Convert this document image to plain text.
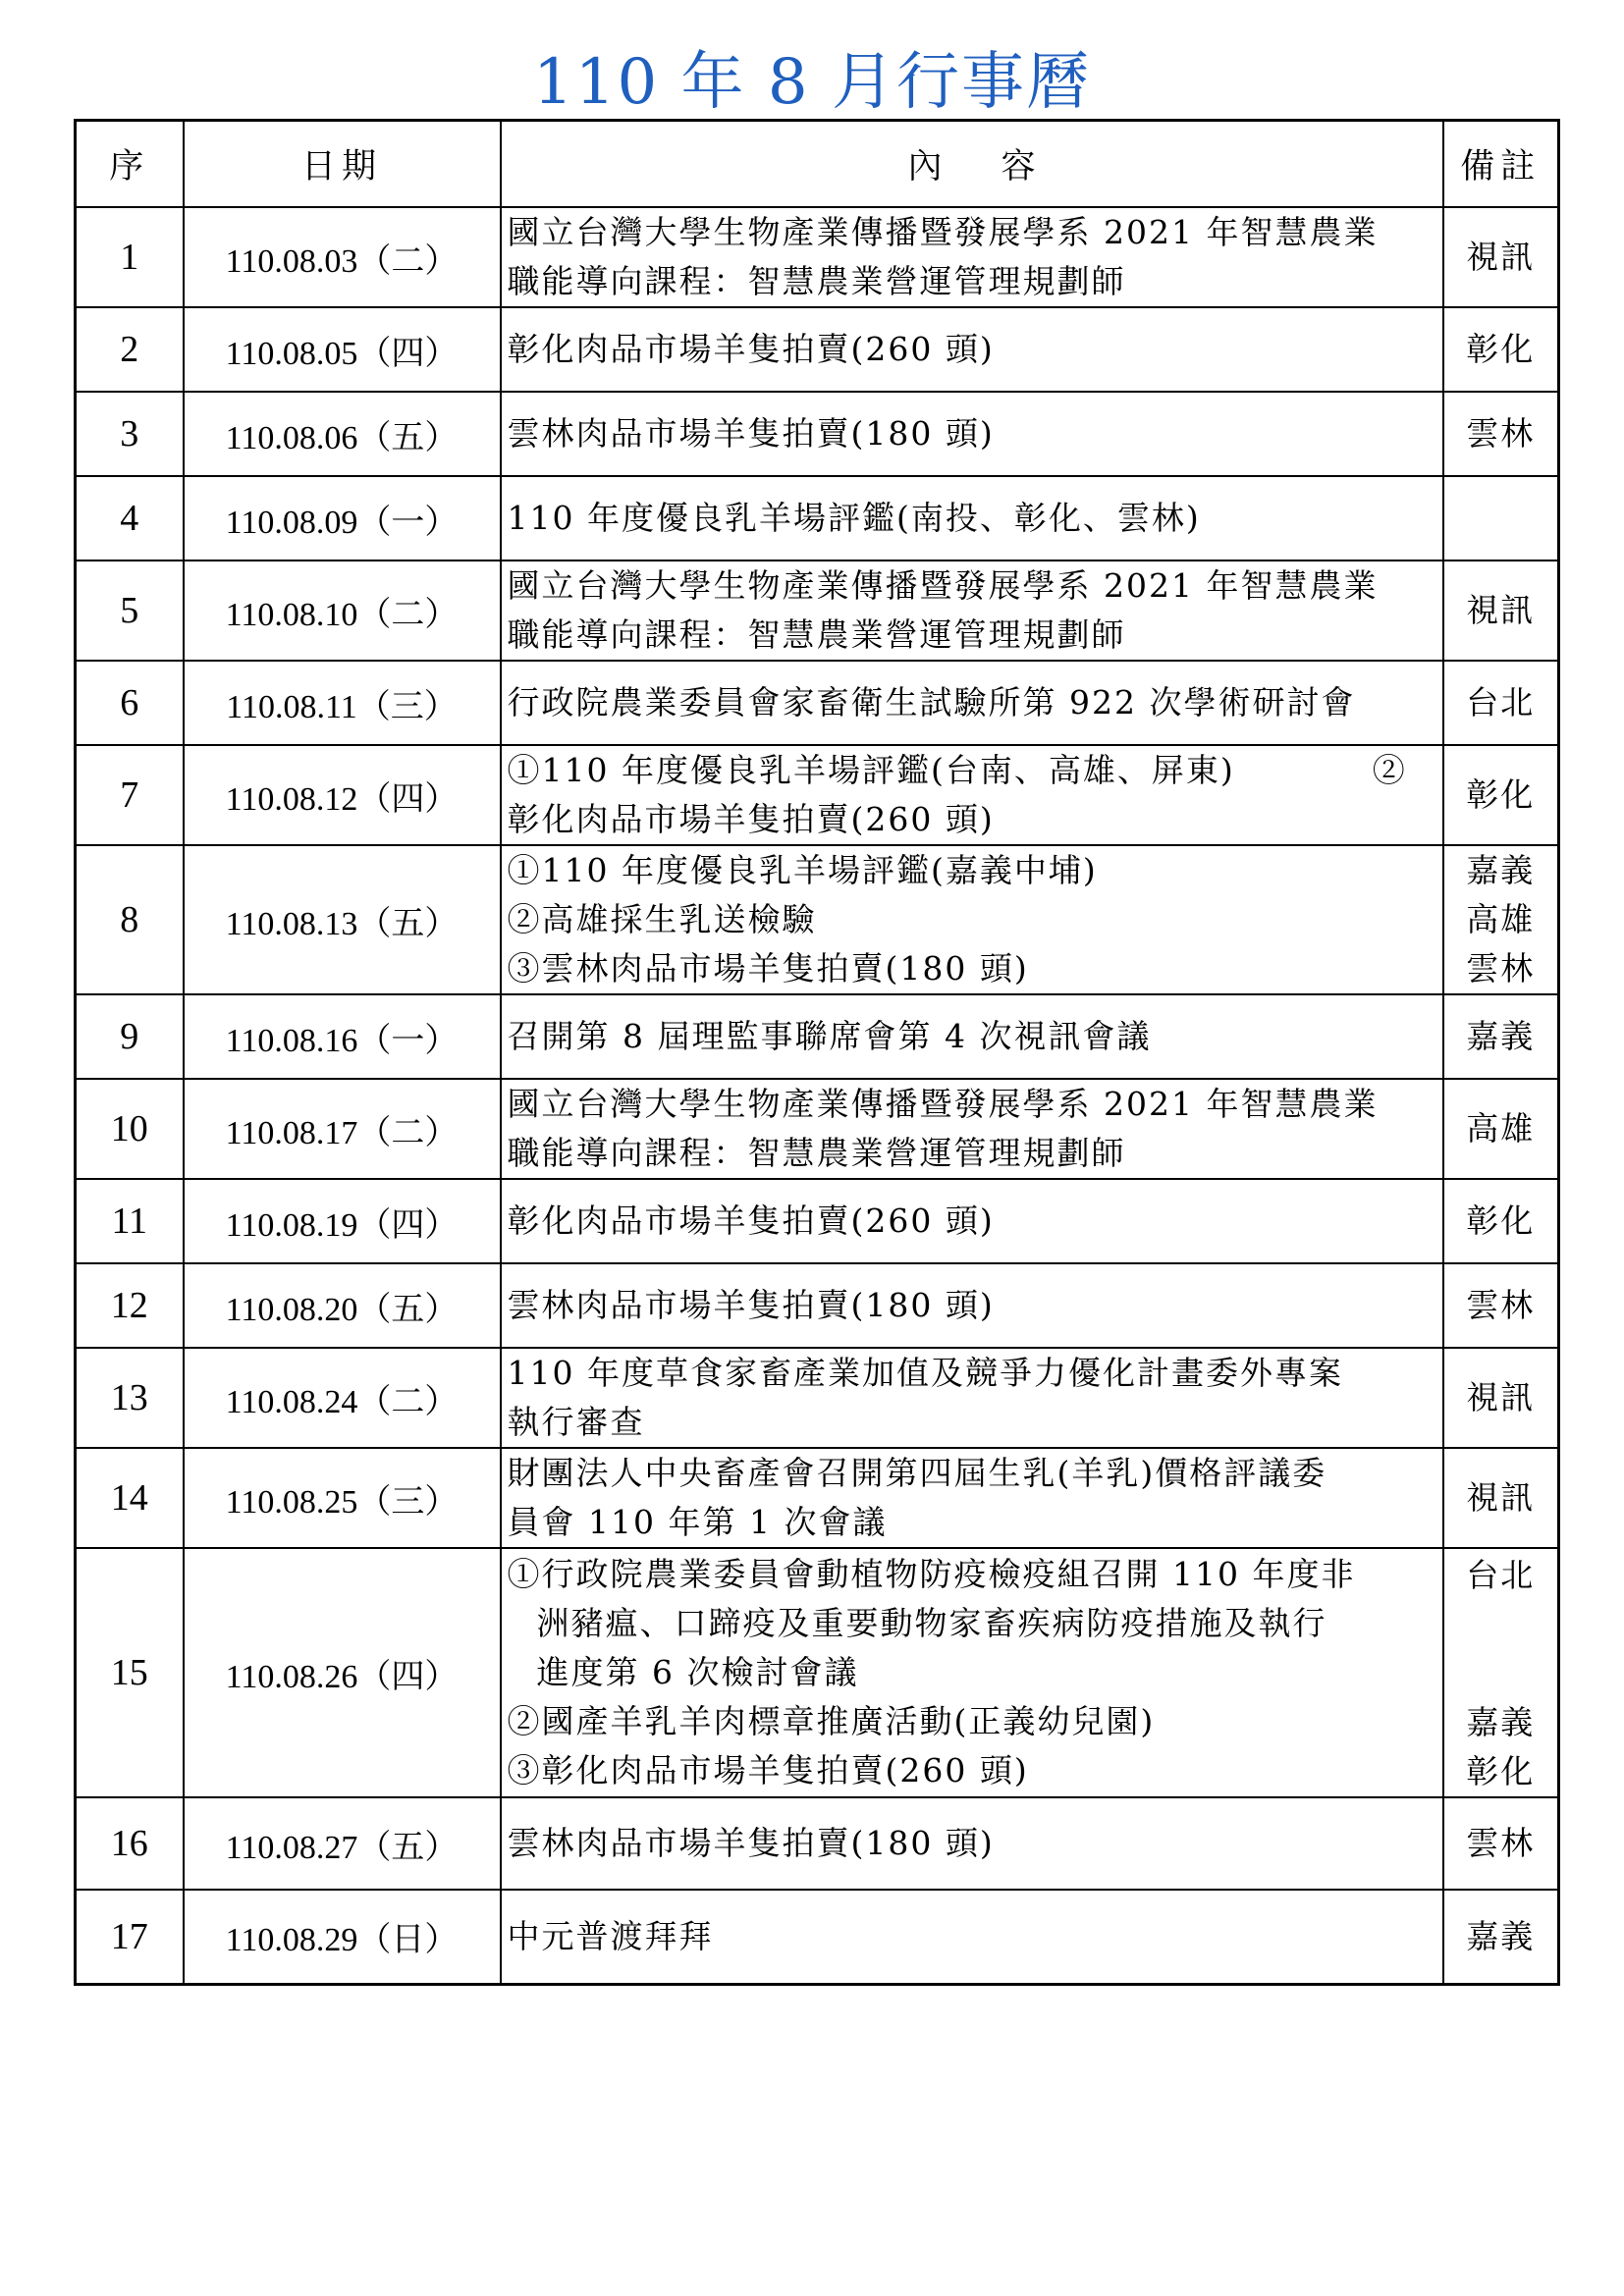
110 年 8 月行事曆
序	日期	內容	備註
1	110.08.03（二）	國立台灣大學生物產業傳播暨發展學系 2021 年智慧農業
職能導向課程：智慧農業營運管理規劃師	視訊

2	110.08.05（四）	彰化肉品市場羊隻拍賣(260 頭)	彰化

3	110.08.06（五）	雲林肉品市場羊隻拍賣(180 頭)	雲林

4	110.08.09（一）	110 年度優良乳羊場評鑑(南投、彰化、雲林)	

5	110.08.10（二）	國立台灣大學生物產業傳播暨發展學系 2021 年智慧農業
職能導向課程：智慧農業營運管理規劃師	視訊

6	110.08.11（三）	行政院農業委員會家畜衛生試驗所第 922 次學術研討會	台北

7	110.08.12（四）	①110 年度優良乳羊場評鑑(台南、高雄、屏東)　　　　②
彰化肉品市場羊隻拍賣(260 頭)	彰化

8	110.08.13（五）	①110 年度優良乳羊場評鑑(嘉義中埔)
②高雄採生乳送檢驗
③雲林肉品市場羊隻拍賣(180 頭)	嘉義
高雄
雲林

9	110.08.16（一）	召開第 8 屆理監事聯席會第 4 次視訊會議	嘉義

10	110.08.17（二）	國立台灣大學生物產業傳播暨發展學系 2021 年智慧農業
職能導向課程：智慧農業營運管理規劃師	高雄

11	110.08.19（四）	彰化肉品市場羊隻拍賣(260 頭)	彰化

12	110.08.20（五）	雲林肉品市場羊隻拍賣(180 頭)	雲林

13	110.08.24（二）	110 年度草食家畜產業加值及競爭力優化計畫委外專案
執行審查	視訊

14	110.08.25（三）	財團法人中央畜產會召開第四屆生乳(羊乳)價格評議委
員會 110 年第 1 次會議	視訊

15	110.08.26（四）	①行政院農業委員會動植物防疫檢疫組召開 110 年度非
洲豬瘟、口蹄疫及重要動物家畜疾病防疫措施及執行
進度第 6 次檢討會議
②國產羊乳羊肉標章推廣活動(正義幼兒園)
③彰化肉品市場羊隻拍賣(260 頭)	台北
嘉義
彰化

16	110.08.27（五）	雲林肉品市場羊隻拍賣(180 頭)	雲林

17	110.08.29（日）	中元普渡拜拜	嘉義
